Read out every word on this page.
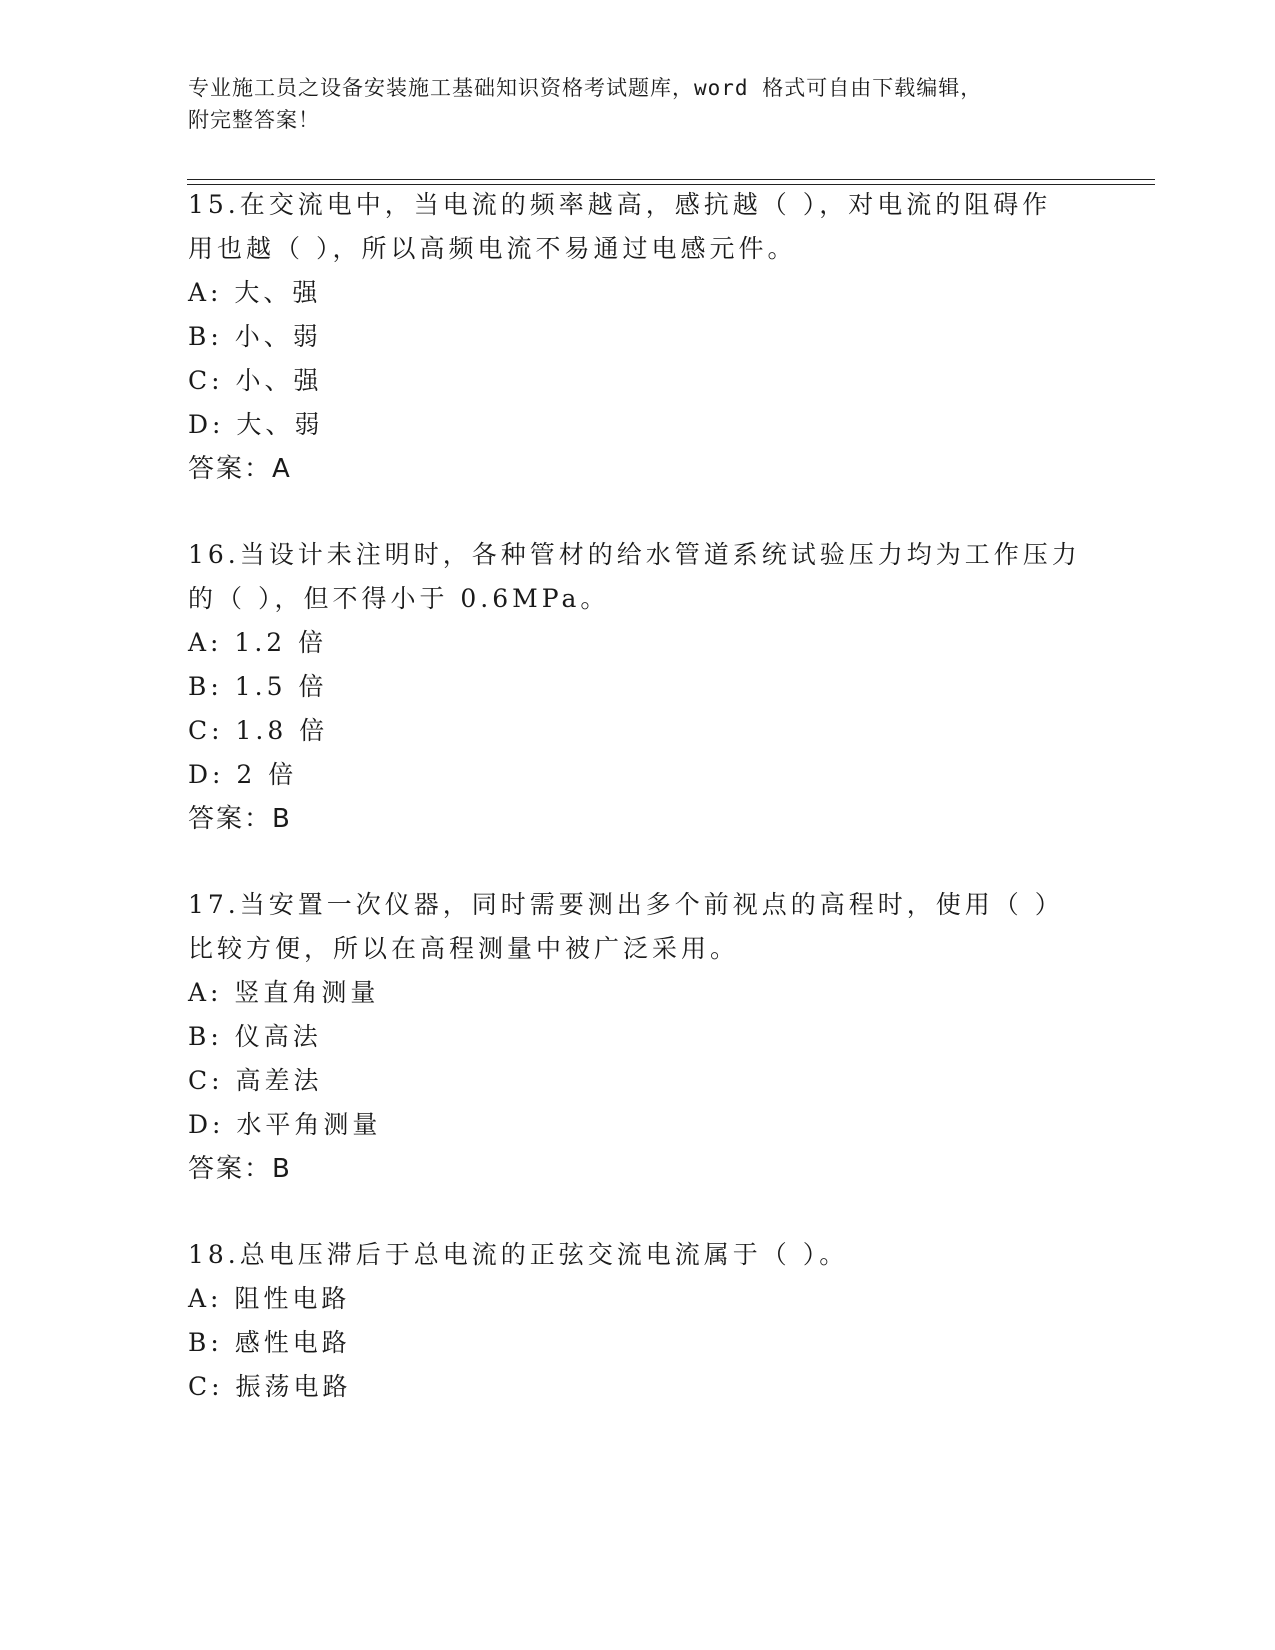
专业施工员之设备安装施工基础知识资格考试题库，word 格式可自由下载编辑，
附完整答案！
15.在交流电中，当电流的频率越高，感抗越（ ），对电流的阻碍作
用也越（ ），所以高频电流不易通过电感元件。
A: 大、强
B: 小、弱
C: 小、强
D: 大、弱
答案：A
16.当设计未注明时，各种管材的给水管道系统试验压力均为工作压力
的（ ），但不得小于 0.6MPa。
A: 1.2 倍
B: 1.5 倍
C: 1.8 倍
D: 2 倍
答案：B
17.当安置一次仪器，同时需要测出多个前视点的高程时，使用（ ）
比较方便，所以在高程测量中被广泛采用。
A: 竖直角测量
B: 仪高法
C: 高差法
D: 水平角测量
答案：B
18.总电压滞后于总电流的正弦交流电流属于（ ）。
A: 阻性电路
B: 感性电路
C: 振荡电路
